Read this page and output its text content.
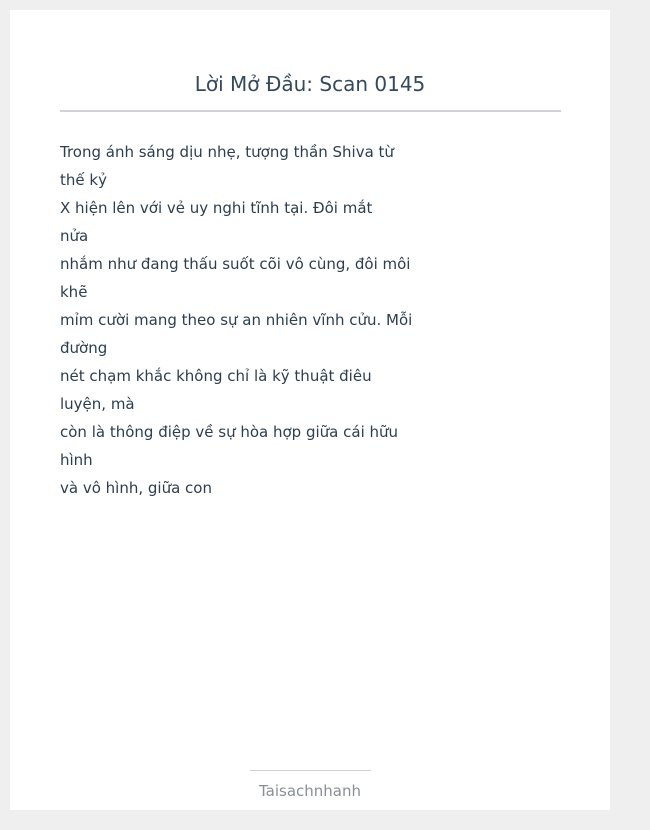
Lời Mở Đầu: Scan 0145
Trong ánh sáng dịu nhẹ, tượng thần Shiva từ
thế kỷ
X hiện lên với vẻ uy nghi tĩnh tại. Đôi mắt
nửa
nhắm như đang thấu suốt cõi vô cùng, đôi môi
khẽ
mỉm cười mang theo sự an nhiên vĩnh cửu. Mỗi
đường
nét chạm khắc không chỉ là kỹ thuật điêu
luyện, mà
còn là thông điệp về sự hòa hợp giữa cái hữu
hình
và vô hình, giữa con
Taisachnhanh
